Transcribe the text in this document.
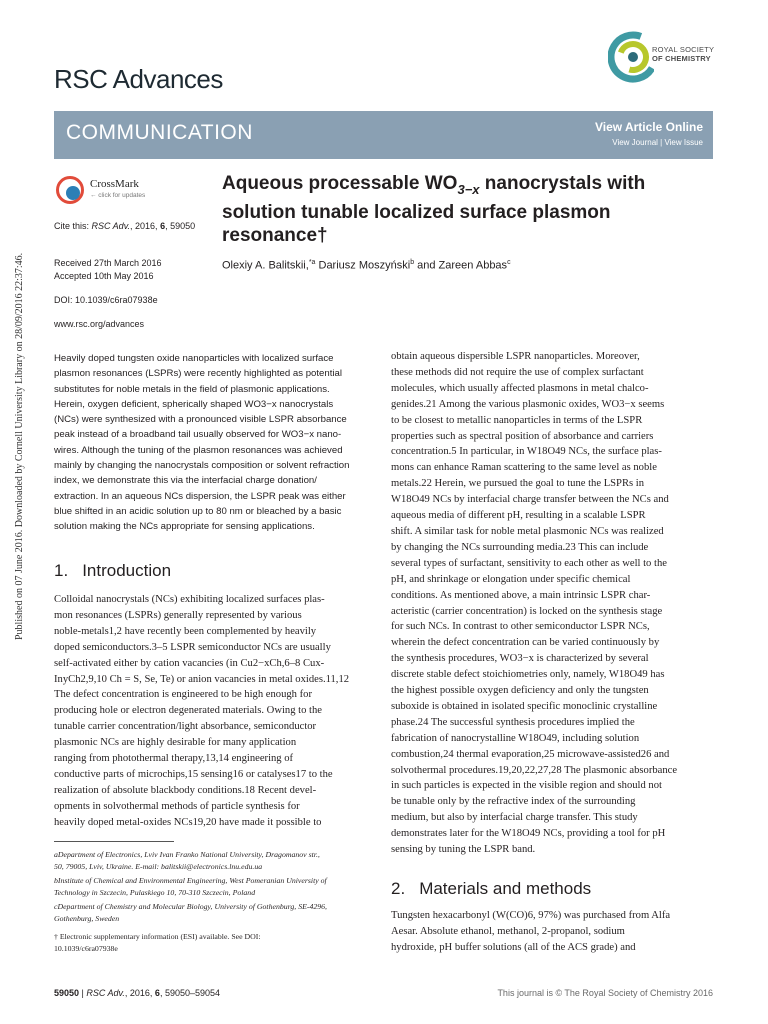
Published on 07 June 2016. Downloaded by Cornell University Library on 28/09/2016 22:37:46.
RSC Advances
ROYAL SOCIETY
OF CHEMISTRY
COMMUNICATION	View Article Online
View Journal | View Issue
CrossMark
← click for updates
Cite this: RSC Adv., 2016, 6, 59050
Received 27th March 2016
Accepted 10th May 2016
DOI: 10.1039/c6ra07938e
www.rsc.org/advances
Aqueous processable $WO_{3-x}$ nanocrystals with
solution tunable localized surface plasmon
resonance†
Olexiy A. Balitskii,$^{*a}$ Dariusz Moszyński$^b$ and Zareen Abbas$^c$
Heavily doped tungsten oxide nanoparticles with localized surface
plasmon resonances (LSPRs) were recently highlighted as potential
substitutes for noble metals in the field of plasmonic applications.
Herein, oxygen deficient, spherically shaped WO3−x nanocrystals
(NCs) were synthesized with a pronounced visible LSPR absorbance
peak instead of a broadband tail usually observed for WO3−x nano-
wires. Although the tuning of the plasmon resonances was achieved
mainly by changing the nanocrystals composition or solvent refraction
index, we demonstrate this via the interfacial charge donation/
extraction. In an aqueous NCs dispersion, the LSPR peak was either
blue shifted in an acidic solution up to 80 nm or bleached by a basic
solution making the NCs appropriate for sensing applications.
1. Introduction
Colloidal nanocrystals (NCs) exhibiting localized surfaces plas-
mon resonances (LSPRs) generally represented by various
noble-metals1,2 have recently been complemented by heavily
doped semiconductors.3–5 LSPR semiconductor NCs are usually
self-activated either by cation vacancies (in Cu2−xCh,6–8 Cux-
InyCh2,9,10 Ch = S, Se, Te) or anion vacancies in metal oxides.11,12
The defect concentration is engineered to be high enough for
producing hole or electron degenerated materials. Owing to the
tunable carrier concentration/light absorbance, semiconductor
plasmonic NCs are highly desirable for many application
ranging from photothermal therapy,13,14 engineering of
conductive parts of microchips,15 sensing16 or catalyses17 to the
realization of absolute blackbody conditions.18 Recent devel-
opments in solvothermal methods of particle synthesis for
heavily doped metal-oxides NCs19,20 have made it possible to
aDepartment of Electronics, Lviv Ivan Franko National University, Dragomanov str.,
50, 79005, Lviv, Ukraine. E-mail: balitskii@electronics.lnu.edu.ua
bInstitute of Chemical and Environmental Engineering, West Pomeranian University of
Technology in Szczecin, Pulaskiego 10, 70-310 Szczecin, Poland
cDepartment of Chemistry and Molecular Biology, University of Gothenburg, SE-4296,
Gothenburg, Sweden
† Electronic supplementary information (ESI) available. See DOI:
10.1039/c6ra07938e
obtain aqueous dispersible LSPR nanoparticles. Moreover,
these methods did not require the use of complex surfactant
molecules, which usually affected plasmons in metal chalco-
genides.21 Among the various plasmonic oxides, WO3−x seems
to be closest to metallic nanoparticles in terms of the LSPR
properties such as spectral position of absorbance and carriers
concentration.5 In particular, in W18O49 NCs, the surface plas-
mons can enhance Raman scattering to the same level as noble
metals.22 Herein, we pursued the goal to tune the LSPRs in
W18O49 NCs by interfacial charge transfer between the NCs and
aqueous media of different pH, resulting in a scalable LSPR
shift. A similar task for noble metal plasmonic NCs was realized
by changing the NCs surrounding media.23 This can include
several types of surfactant, sensitivity to each other as well to the
pH, and shrinkage or elongation under specific chemical
conditions. As mentioned above, a main intrinsic LSPR char-
acteristic (carrier concentration) is locked on the synthesis stage
for such NCs. In contrast to other semiconductor LSPR NCs,
wherein the defect concentration can be varied continuously by
the synthesis procedures, WO3−x is characterized by several
discrete stable defect stoichiometries only, namely, W18O49 has
the highest possible oxygen deficiency and only the tungsten
suboxide is obtained in isolated specific monoclinic crystalline
phase.24 The successful synthesis procedures implied the
fabrication of nanocrystalline W18O49, including solution
combustion,24 thermal evaporation,25 microwave-assisted26 and
solvothermal procedures.19,20,22,27,28 The plasmonic absorbance
in such particles is expected in the visible region and should not
be tunable only by the refractive index of the surrounding
medium, but also by interfacial charge transfer. This study
demonstrates later for the W18O49 NCs, providing a tool for pH
sensing by tuning the LSPR band.
2. Materials and methods
Tungsten hexacarbonyl (W(CO)6, 97%) was purchased from Alfa
Aesar. Absolute ethanol, methanol, 2-propanol, sodium
hydroxide, pH buffer solutions (all of the ACS grade) and
59050 | RSC Adv., 2016, 6, 59050–59054	This journal is © The Royal Society of Chemistry 2016
